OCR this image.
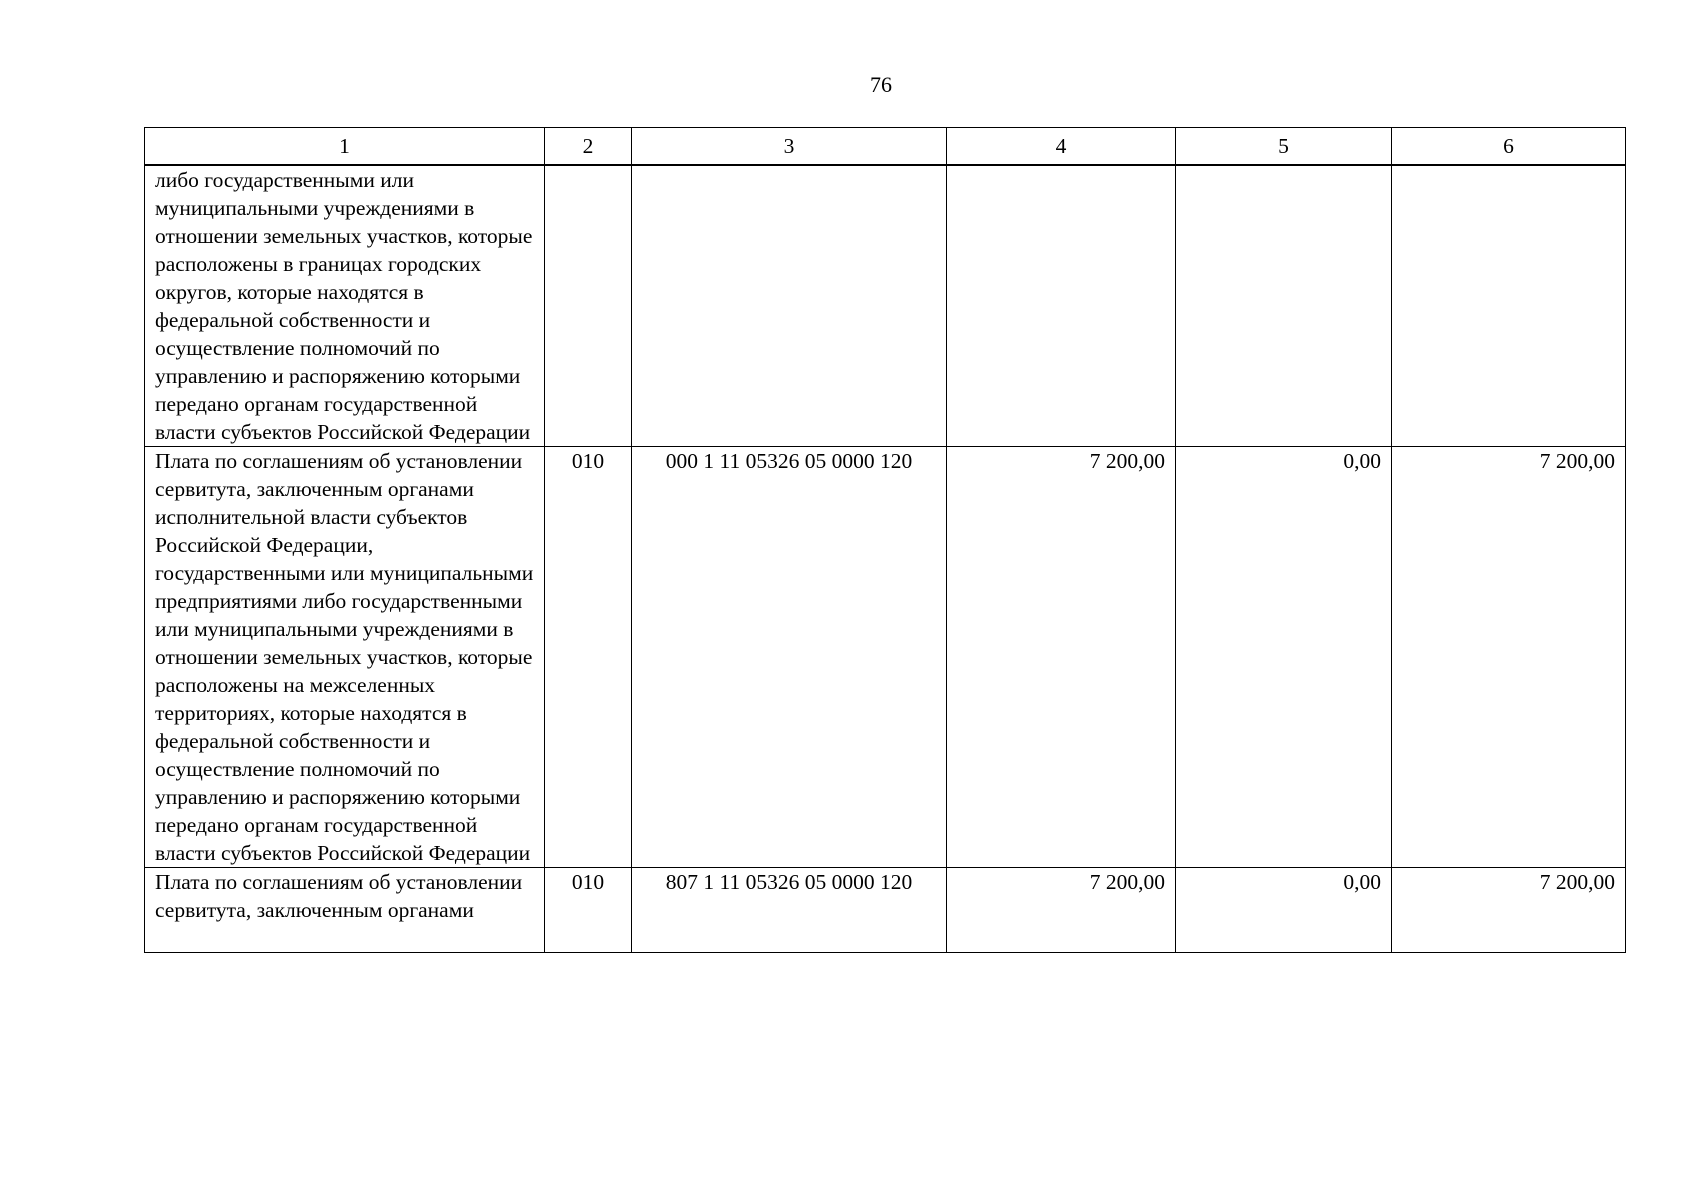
76
1	2	3	4	5	6
либо государственными или муниципальными учреждениями в отношении земельных участков, которые расположены в границах городских округов, которые находятся в федеральной собственности и осуществление полномочий по управлению и распоряжению которыми передано органам государственной власти субъектов Российской Федерации					
Плата по соглашениям об установлении сервитута, заключенным органами исполнительной власти субъектов Российской Федерации, государственными или муниципальными предприятиями либо государственными или муниципальными учреждениями в отношении земельных участков, которые расположены на межселенных территориях, которые находятся в федеральной собственности и осуществление полномочий по управлению и распоряжению которыми передано органам государственной власти субъектов Российской Федерации	010	000 1 11 05326 05 0000 120	7 200,00	0,00	7 200,00
Плата по соглашениям об установлении сервитута, заключенным органами	010	807 1 11 05326 05 0000 120	7 200,00	0,00	7 200,00
